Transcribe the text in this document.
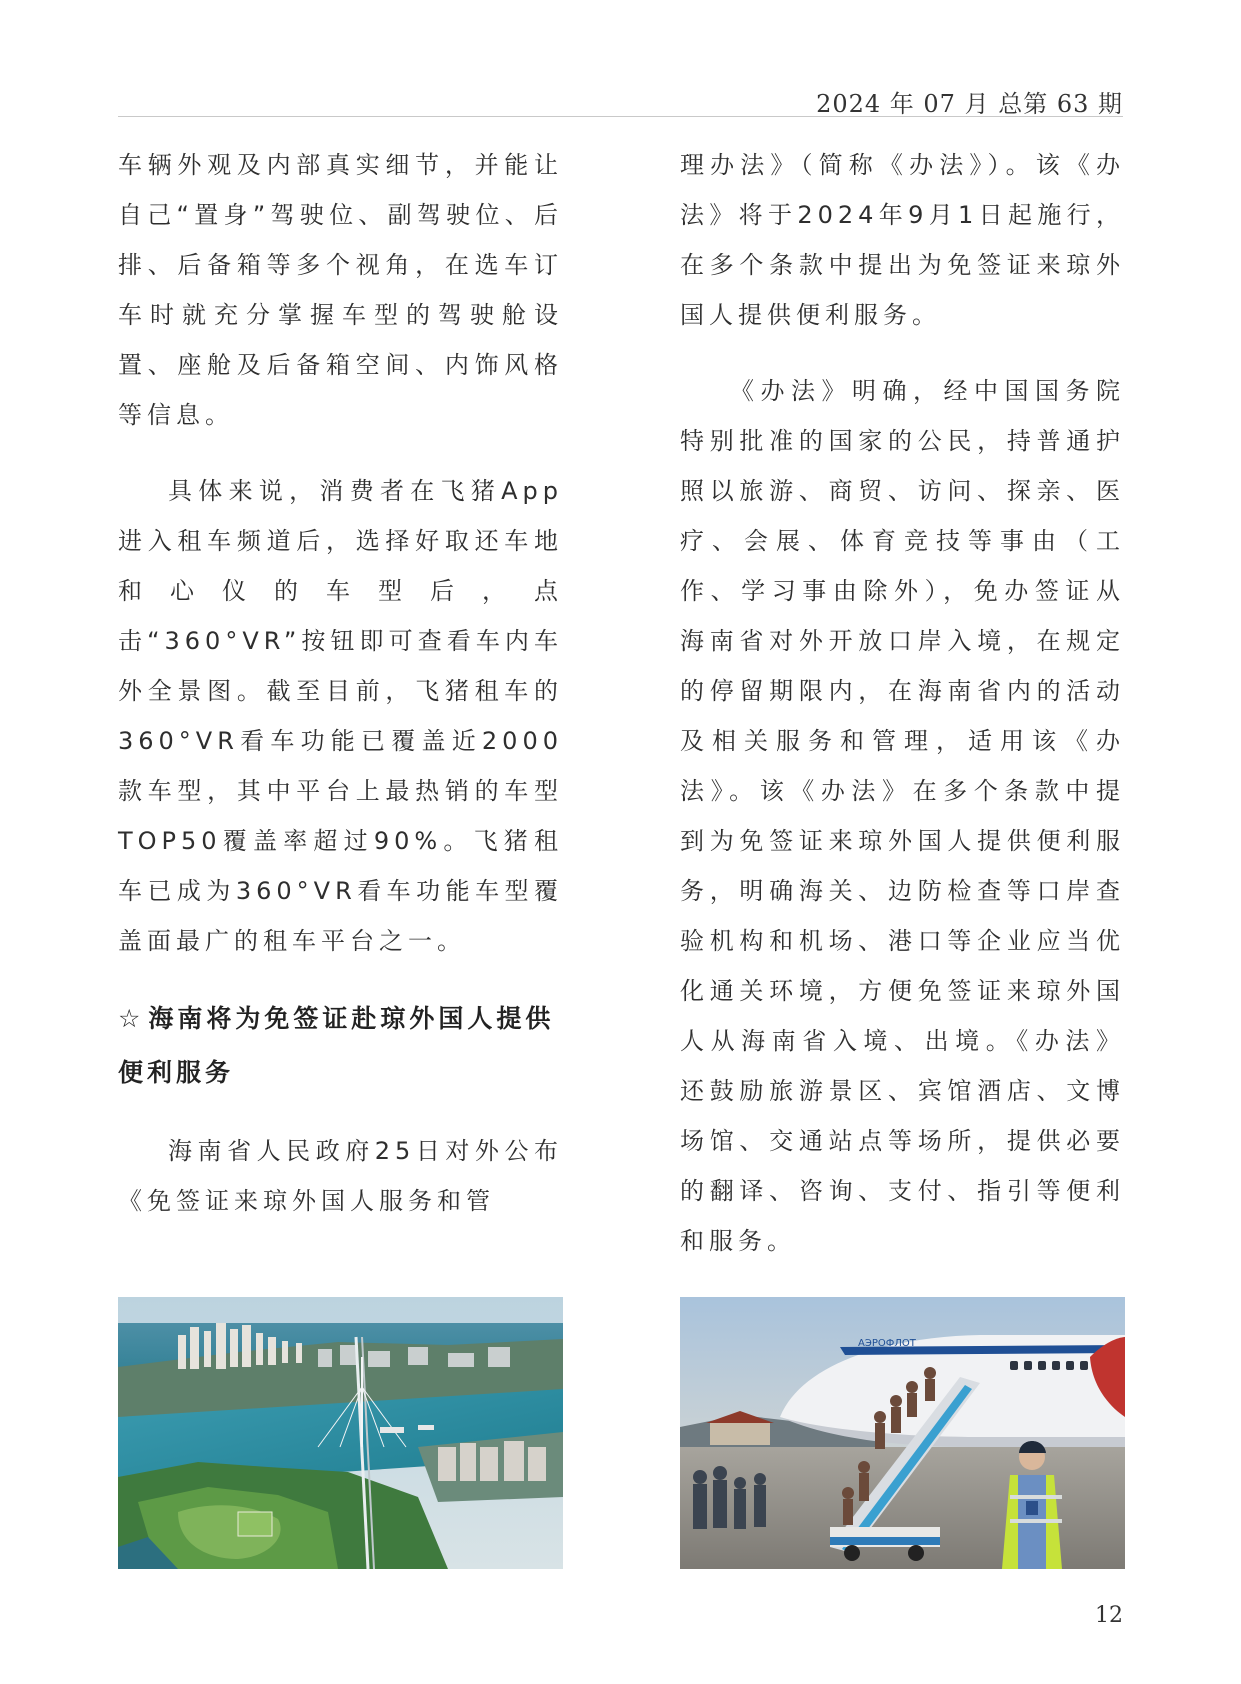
2024 年 07 月 总第 63 期

车辆外观及内部真实细节，并能让自己“置身”驾驶位、副驾驶位、后排、后备箱等多个视角，在选车订车时就充分掌握车型的驾驶舱设置、座舱及后备箱空间、内饰风格等信息。

具体来说，消费者在飞猪App进入租车频道后，选择好取还车地和心仪的车型后，点击“360°VR”按钮即可查看车内车外全景图。截至目前，飞猪租车的360°VR看车功能已覆盖近2000款车型，其中平台上最热销的车型TOP50覆盖率超过90%。飞猪租车已成为360°VR看车功能车型覆盖面最广的租车平台之一。

☆ 海南将为免签证赴琼外国人提供便利服务

海南省人民政府25日对外公布《免签证来琼外国人服务和管

理办法》（简称《办法》）。该《办法》将于2024年9月1日起施行，在多个条款中提出为免签证来琼外国人提供便利服务。

《办法》明确，经中国国务院特别批准的国家的公民，持普通护照以旅游、商贸、访问、探亲、医疗、会展、体育竞技等事由（工作、学习事由除外），免办签证从海南省对外开放口岸入境，在规定的停留期限内，在海南省内的活动及相关服务和管理，适用该《办法》。该《办法》在多个条款中提到为免签证来琼外国人提供便利服务，明确海关、边防检查等口岸查验机构和机场、港口等企业应当优化通关环境，方便免签证来琼外国人从海南省入境、出境。《办法》还鼓励旅游景区、宾馆酒店、文博场馆、交通站点等场所，提供必要的翻译、咨询、支付、指引等便利和服务。

АЭРОФЛОТ
12
